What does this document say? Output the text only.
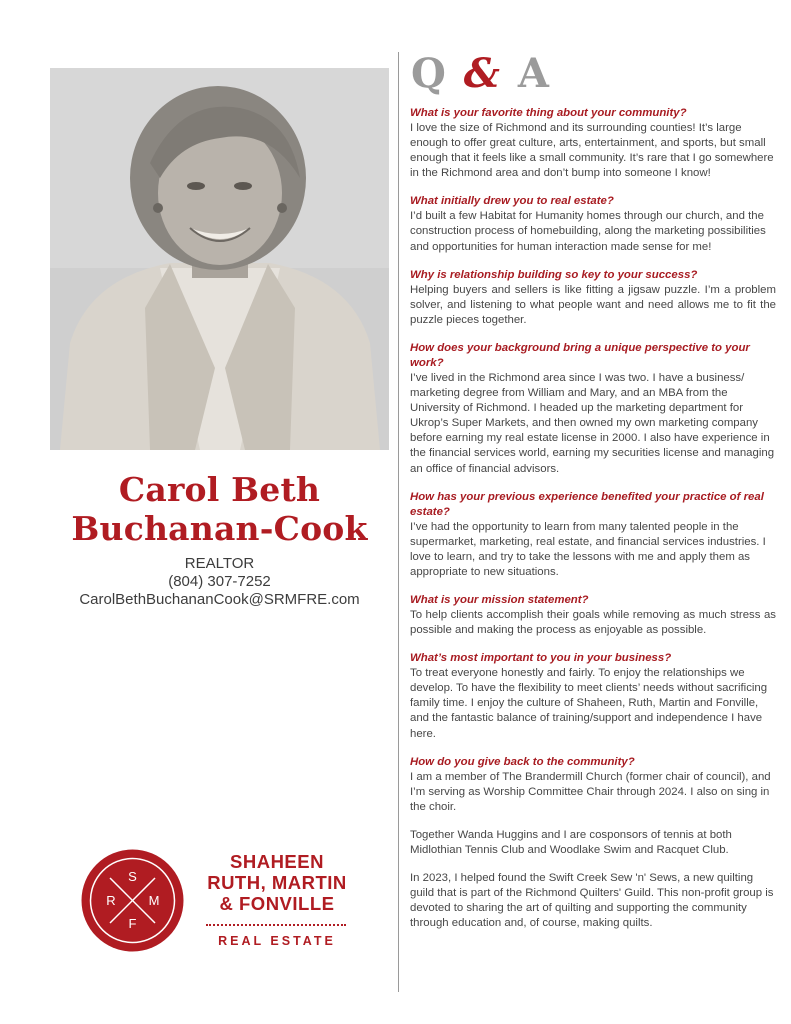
Carol Beth
Buchanan-Cook
REALTOR
(804) 307-7252
CarolBethBuchananCook@SRMFRE.com
S
R	M
F
SHAHEEN
RUTH, MARTIN
& FONVILLE
REAL ESTATE
Q & A

What is your favorite thing about your community?

I love the size of Richmond and its surrounding counties! It’s large enough to offer great culture, arts, entertainment, and sports, but small enough that it feels like a small community. It’s rare that I go somewhere in the Richmond area and don’t bump into someone I know!

What initially drew you to real estate?

I’d built a few Habitat for Humanity homes through our church, and the construction process of homebuilding, along the marketing possibilities and opportunities for human interaction made sense for me!

Why is relationship building so key to your success?

Helping buyers and sellers is like fitting a jigsaw puzzle. I’m a problem solver, and listening to what people want and need allows me to fit the puzzle pieces together.

How does your background bring a unique perspective to your work?

I’ve lived in the Richmond area since I was two. I have a business/ marketing degree from William and Mary, and an MBA from the University of Richmond. I headed up the marketing department for Ukrop’s Super Markets, and then owned my own marketing company before earning my real estate license in 2000. I also have experience in the financial services world, earning my securities license and managing an office of financial advisors.

How has your previous experience benefited your practice of real estate?

I’ve had the opportunity to learn from many talented people in the supermarket, marketing, real estate, and financial services industries. I love to learn, and try to take the lessons with me and apply them as appropriate to new situations.

What is your mission statement?

To help clients accomplish their goals while removing as much stress as possible and making the process as enjoyable as possible.

What’s most important to you in your business?

To treat everyone honestly and fairly. To enjoy the relationships we develop. To have the flexibility to meet clients’ needs without sacrificing family time. I enjoy the culture of Shaheen, Ruth, Martin and Fonville, and the fantastic balance of training/support and independence I have here.

How do you give back to the community?

I am a member of The Brandermill Church (former chair of council), and I’m serving as Worship Committee Chair through 2024. I also on sing in the choir.

Together Wanda Huggins and I are cosponsors of tennis at both Midlothian Tennis Club and Woodlake Swim and Racquet Club.

In 2023, I helped found the Swift Creek Sew 'n' Sews, a new quilting guild that is part of the Richmond Quilters' Guild. This non-profit group is devoted to sharing the art of quilting and supporting the community through education and, of course, making quilts.
